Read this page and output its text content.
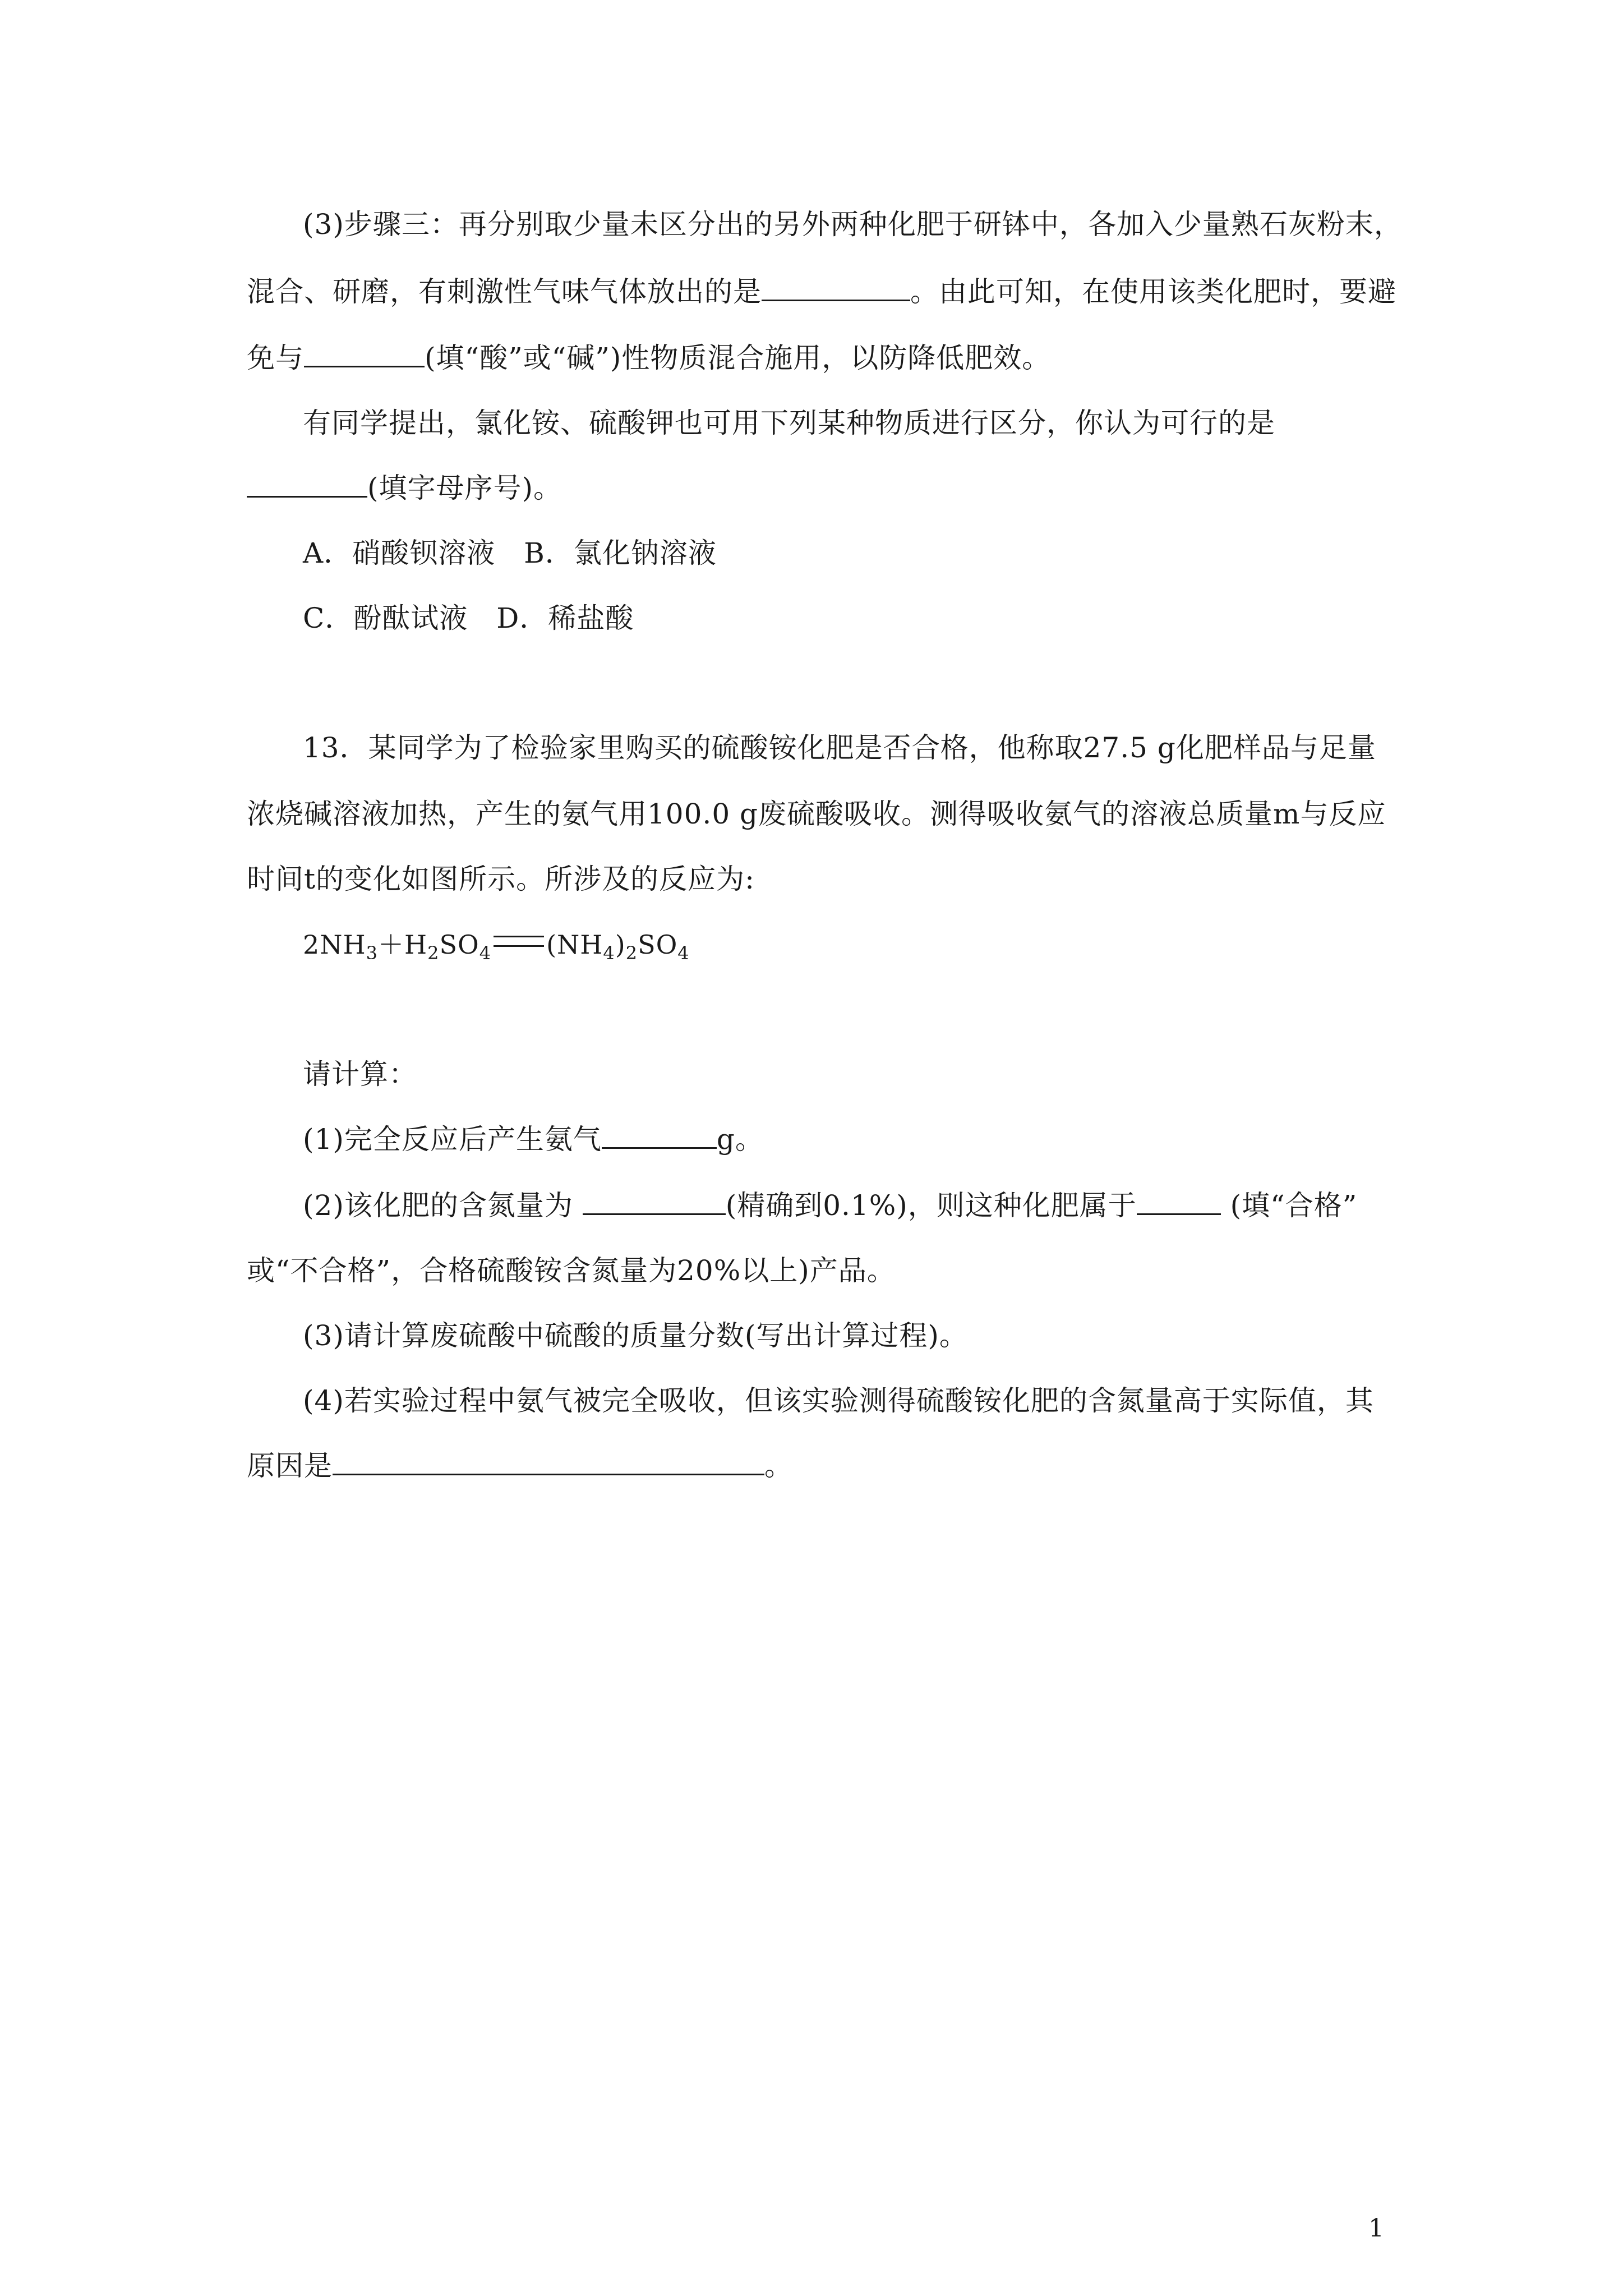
(3)步骤三：再分别取少量未区分出的另外两种化肥于研钵中，各加入少量熟石灰粉末，
混合、研磨，有刺激性气味气体放出的是	。由此可知，在使用该类化肥时，要避
免与	(填“酸”或“碱”)性物质混合施用，以防降低肥效。
有同学提出，氯化铵、硫酸钾也可用下列某种物质进行区分，你认为可行的是
(填字母序号)。
A．硝酸钡溶液　B．氯化钠溶液
C．酚酞试液　D．稀盐酸
13．某同学为了检验家里购买的硫酸铵化肥是否合格，他称取27.5 g化肥样品与足量
浓烧碱溶液加热，产生的氨气用100.0 g废硫酸吸收。测得吸收氨气的溶液总质量m与反应
时间t的变化如图所示。所涉及的反应为:
$2NH_3+H_2SO_4$ $(NH_4)_2SO_4$
请计算：
(1)完全反应后产生氨气	g。
(2)该化肥的含氮量为	(精确到0.1%)，则这种化肥属于	(填“合格”
或“不合格”，合格硫酸铵含氮量为20%以上)产品。
(3)请计算废硫酸中硫酸的质量分数(写出计算过程)。
(4)若实验过程中氨气被完全吸收，但该实验测得硫酸铵化肥的含氮量高于实际值，其
原因是	。
1
